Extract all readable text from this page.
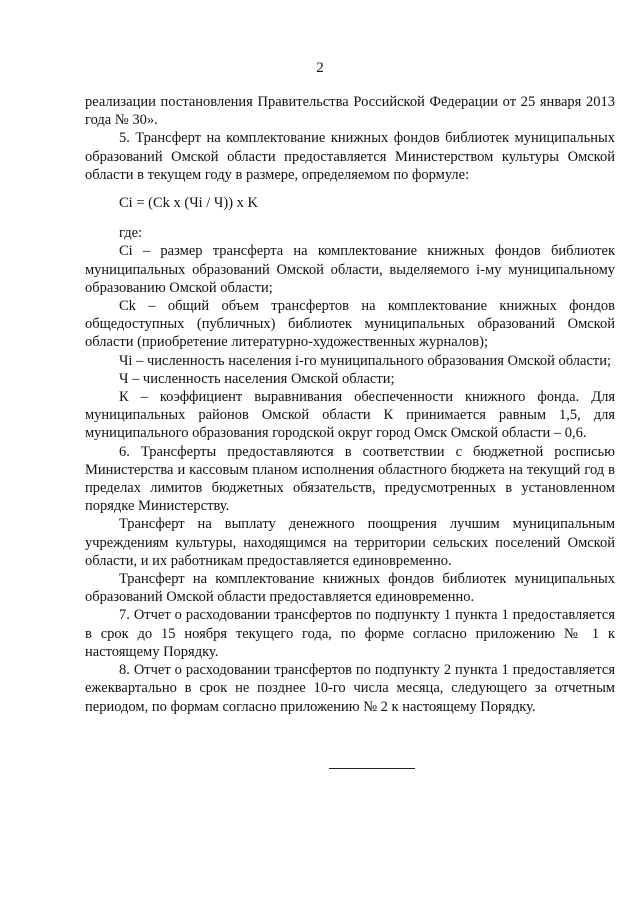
2

реализации постановления Правительства Российской Федерации от 25 января 2013 года № 30».

5. Трансферт на комплектование книжных фондов библиотек муниципальных образований Омской области предоставляется Министерством культуры Омской области в текущем году в размере, определяемом по формуле:

Ci = (Ck x (Чi / Ч)) x K

где:

Ci – размер трансферта на комплектование книжных фондов библиотек муниципальных образований Омской области, выделяемого i-му муниципальному образованию Омской области;

Ck – общий объем трансфертов на комплектование книжных фондов общедоступных (публичных) библиотек муниципальных образований Омской области (приобретение литературно-художественных журналов);

Чi – численность населения i-го муниципального образования Омской области;

Ч – численность населения Омской области;

К – коэффициент выравнивания обеспеченности книжного фонда. Для муниципальных районов Омской области К принимается равным 1,5, для муниципального образования городской округ город Омск Омской области – 0,6.

6. Трансферты предоставляются в соответствии с бюджетной росписью Министерства и кассовым планом исполнения областного бюджета на текущий год в пределах лимитов бюджетных обязательств, предусмотренных в установленном порядке Министерству.

Трансферт на выплату денежного поощрения лучшим муниципальным учреждениям культуры, находящимся на территории сельских поселений Омской области, и их работникам предоставляется единовременно.

Трансферт на комплектование книжных фондов библиотек муниципальных образований Омской области предоставляется единовременно.

7. Отчет о расходовании трансфертов по подпункту 1 пункта 1 предоставляется в срок до 15 ноября текущего года, по форме согласно приложению № 1 к настоящему Порядку.

8. Отчет о расходовании трансфертов по подпункту 2 пункта 1 предоставляется ежеквартально в срок не позднее 10-го числа месяца, следующего за отчетным периодом, по формам согласно приложению № 2 к настоящему Порядку.
